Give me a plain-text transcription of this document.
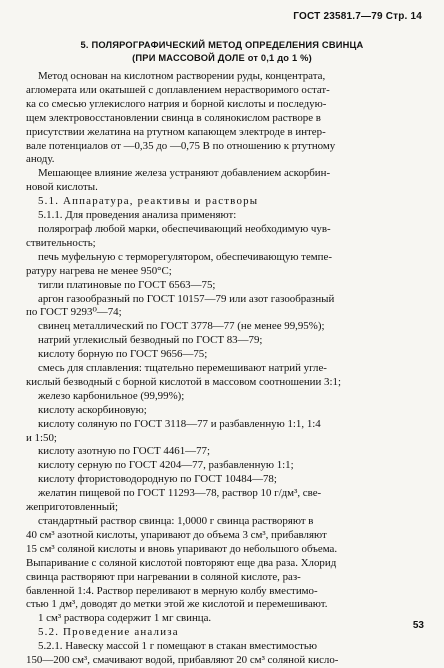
ГОСТ 23581.7—79 Стр. 14
5. ПОЛЯРОГРАФИЧЕСКИЙ МЕТОД ОПРЕДЕЛЕНИЯ СВИНЦА
(ПРИ МАССОВОЙ ДОЛЕ от 0,1 до 1 %)
Метод основан на кислотном растворении руды, концентрата,
агломерата или окатышей с доплавлением нерастворимого остат-
ка со смесью углекислого натрия и борной кислоты и последую-
щем электровосстановлении свинца в солянокислом растворе в
присутствии желатина на ртутном капающем электроде в интер-
вале потенциалов от —0,35 до —0,75 В по отношению к ртутному
аноду.
Мешающее влияние железа устраняют добавлением аскорбин-
новой кислоты.
5.1. Аппаратура, реактивы и растворы
5.1.1. Для проведения анализа применяют:
полярограф любой марки, обеспечивающий необходимую чув-
ствительность;
печь муфельную с терморегулятором, обеспечивающую темпе-
ратуру нагрева не менее 950°С;
тигли платиновые по ГОСТ 6563—75;
аргон газообразный по ГОСТ 10157—79 или азот газообразный
по ГОСТ 9293⁰—74;
свинец металлический по ГОСТ 3778—77 (не менее 99,95%);
натрий углекислый безводный по ГОСТ 83—79;
кислоту борную по ГОСТ 9656—75;
смесь для сплавления: тщательно перемешивают натрий угле-
кислый безводный с борной кислотой в массовом соотношении 3:1;
железо карбонильное (99,99%);
кислоту аскорбиновую;
кислоту соляную по ГОСТ 3118—77 и разбавленную 1:1, 1:4
и 1:50;
кислоту азотную по ГОСТ 4461—77;
кислоту серную по ГОСТ 4204—77, разбавленную 1:1;
кислоту фтористоводородную по ГОСТ 10484—78;
желатин пищевой по ГОСТ 11293—78, раствор 10 г/дм³, све-
жеприготовленный;
стандартный раствор свинца: 1,0000 г свинца растворяют в
40 см³ азотной кислоты, упаривают до объема 3 см³, прибавляют
15 см³ соляной кислоты и вновь упаривают до небольшого объема.
Выпаривание с соляной кислотой повторяют еще два раза. Хлорид
свинца растворяют при нагревании в соляной кислоте, раз-
бавленной 1:4. Раствор переливают в мерную колбу вместимо-
стью 1 дм³, доводят до метки этой же кислотой и перемешивают.
1 см³ раствора содержит 1 мг свинца.
5.2. Проведение анализа
5.2.1. Навеску массой 1 г помещают в стакан вместимостью
150—200 см³, смачивают водой, прибавляют 20 см³ соляной кисло-
53
